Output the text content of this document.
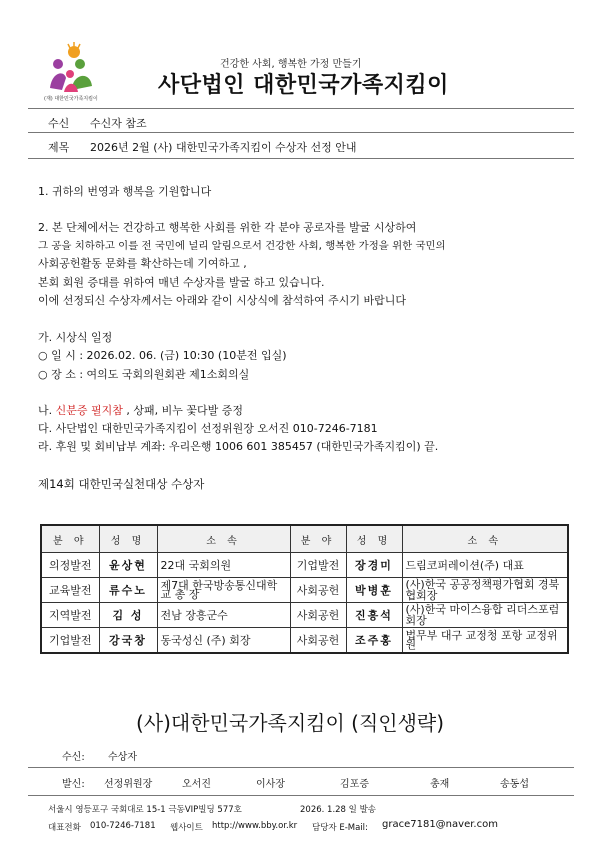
(재) 대한민국가족지킴이
건강한 사회, 행복한 가정 만들기
사단법인 대한민국가족지킴이
수신 수신자 참조
제목 2026년 2월 (사) 대한민국가족지킴이 수상자 선정 안내
1. 귀하의 번영과 행복을 기원합니다
2. 본 단체에서는 건강하고 행복한 사회를 위한 각 분야 공로자를 발굴 시상하여
그 공을 치하하고 이를 전 국민에 널리 알림으로서 건강한 사회, 행복한 가정을 위한 국민의
사회공헌활동 문화를 확산하는데 기여하고 ,
본회 회원 증대를 위하여 매년 수상자를 발굴 하고 있습니다.
이에 선정되신 수상자께서는 아래와 같이 시상식에 참석하여 주시기 바랍니다
가. 시상식 일정
○ 일 시 : 2026.02. 06. (금) 10:30 (10분전 입실)
○ 장 소 : 여의도 국회의원회관 제1소회의실
나. 신분증 필지참 , 상패, 비누 꽃다발 증정
다. 사단법인 대한민국가족지킴이 선정위원장 오서진 010-7246-7181
라. 후원 및 회비납부 계좌: 우리은행 1006 601 385457 (대한민국가족지킴이) 끝.
제14회 대한민국실천대상 수상자
분 야	성 명	소 속	분 야	성 명	소 속
의정발전	윤상현	22대 국회의원	기업발전	장경미	드림코퍼레이션(주) 대표
교육발전	류수노	제7대 한국방송통신대학교 총 장	사회공헌	박병훈	(사)한국 공공정책평가협회 경북 협회장
지역발전	김 성	전남 장흥군수	사회공헌	진흥석	(사)한국 마이스융합 리더스포럼 회장
기업발전	강국창	동국성신 (주) 회장	사회공헌	조주홍	법무부 대구 교정청 포항 교정위원
(사)대한민국가족지킴이 (직인생략)
수신: 수상자
발신: 선정위원장	오서진	이사장	김포증	총재	송동섭
서울시 영등포구 국회대로 15-1 극동VIP빌딩 577호	2026. 1.28 일 발송
대표전화 010-7246-7181 웹사이트 http://www.bby.or.kr 담당자 E-Mail: grace7181@naver.com
